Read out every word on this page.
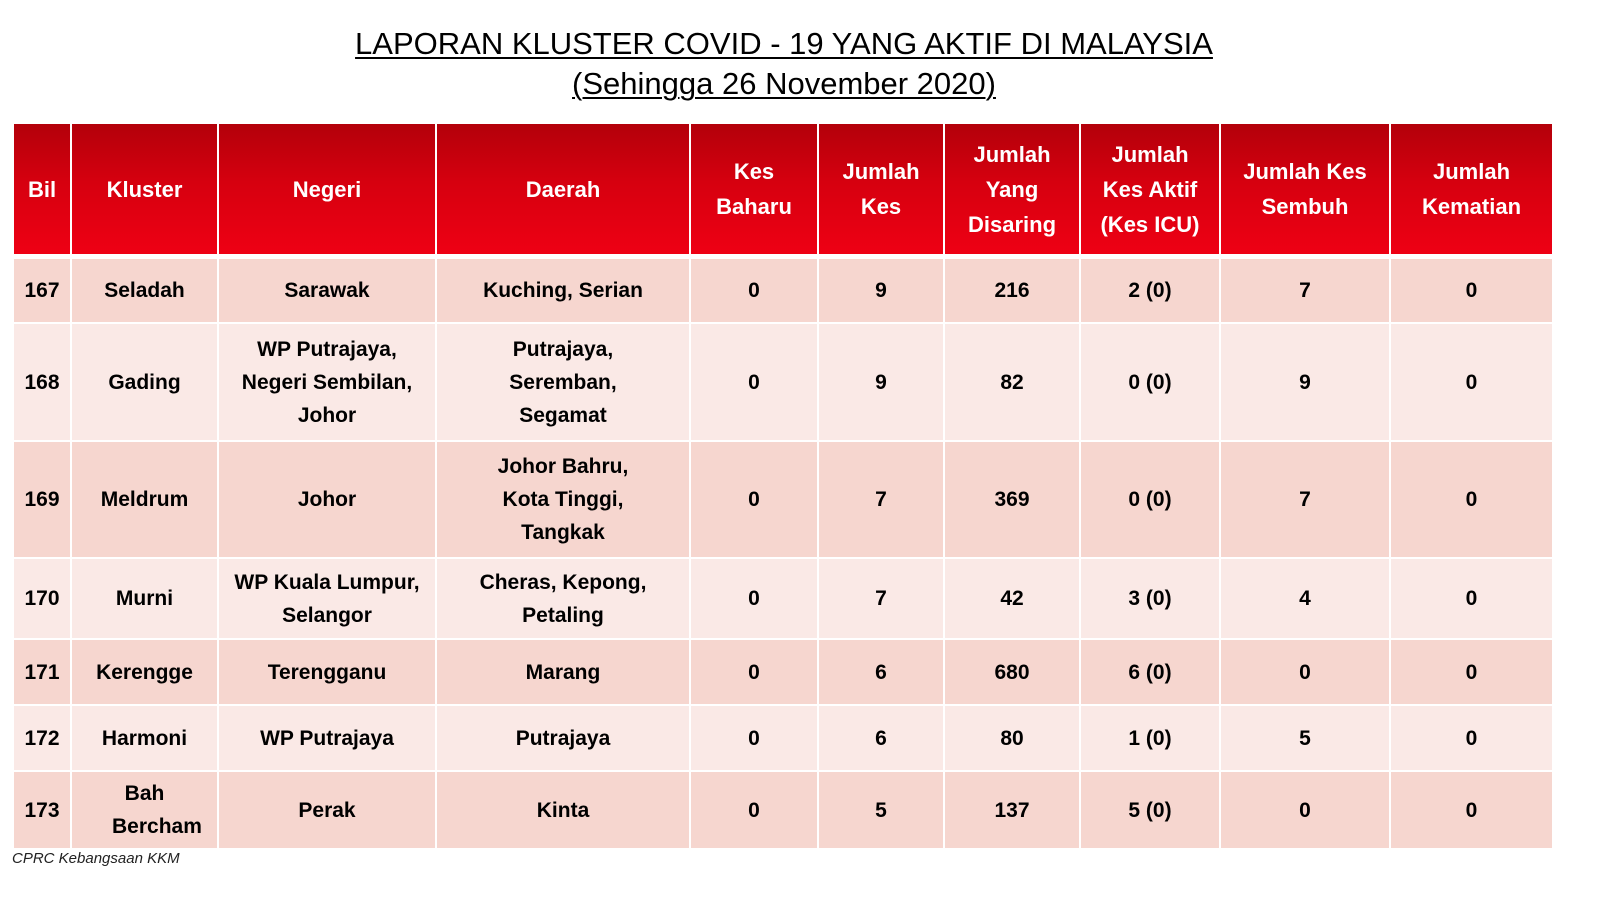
LAPORAN KLUSTER COVID - 19 YANG AKTIF DI MALAYSIA
(Sehingga 26 November 2020)
Bil	Kluster	Negeri	Daerah	Kes Baharu	Jumlah Kes	Jumlah Yang Disaring	Jumlah Kes Aktif (Kes ICU)	Jumlah Kes Sembuh	Jumlah Kematian
167	Seladah	Sarawak	Kuching, Serian	0	9	216	2 (0)	7	0
168	Gading	WP Putrajaya, Negeri Sembilan, Johor	Putrajaya, Seremban, Segamat	0	9	82	0 (0)	9	0
169	Meldrum	Johor	Johor Bahru, Kota Tinggi, Tangkak	0	7	369	0 (0)	7	0
170	Murni	WP Kuala Lumpur, Selangor	Cheras, Kepong, Petaling	0	7	42	3 (0)	4	0
171	Kerengge	Terengganu	Marang	0	6	680	6 (0)	0	0
172	Harmoni	WP Putrajaya	Putrajaya	0	6	80	1 (0)	5	0
173	Bah Bercham	Perak	Kinta	0	5	137	5 (0)	0	0
CPRC Kebangsaan KKM
